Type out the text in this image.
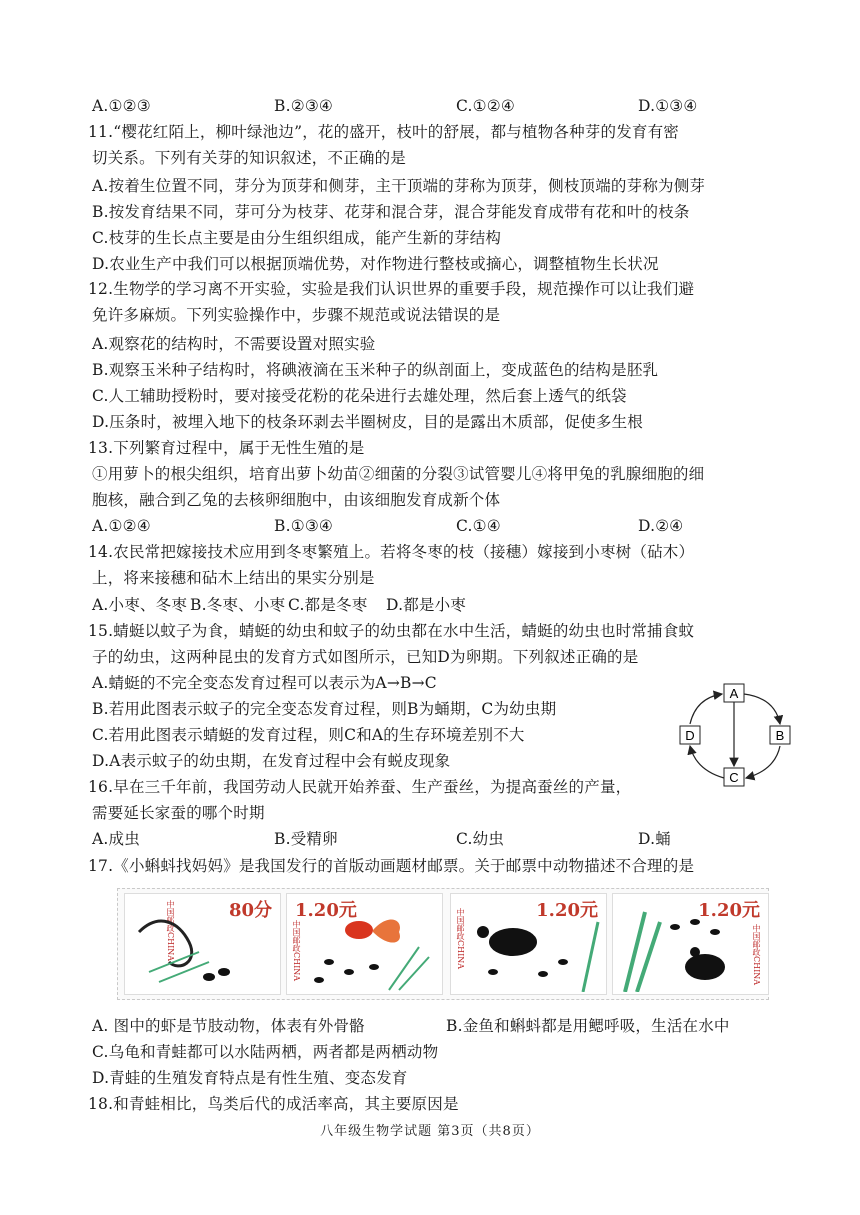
A.①②③	B.②③④	C.①②④	D.①③④
11.“樱花红陌上，柳叶绿池边”，花的盛开，枝叶的舒展，都与植物各种芽的发育有密
切关系。下列有关芽的知识叙述，不正确的是
A.按着生位置不同，芽分为顶芽和侧芽，主干顶端的芽称为顶芽，侧枝顶端的芽称为侧芽
B.按发育结果不同，芽可分为枝芽、花芽和混合芽，混合芽能发育成带有花和叶的枝条
C.枝芽的生长点主要是由分生组织组成，能产生新的芽结构
D.农业生产中我们可以根据顶端优势，对作物进行整枝或摘心，调整植物生长状况
12.生物学的学习离不开实验，实验是我们认识世界的重要手段，规范操作可以让我们避
免许多麻烦。下列实验操作中，步骤不规范或说法错误的是
A.观察花的结构时，不需要设置对照实验
B.观察玉米种子结构时，将碘液滴在玉米种子的纵剖面上，变成蓝色的结构是胚乳
C.人工辅助授粉时，要对接受花粉的花朵进行去雄处理，然后套上透气的纸袋
D.压条时，被埋入地下的枝条环剥去半圈树皮，目的是露出木质部，促使多生根
13.下列繁育过程中，属于无性生殖的是
①用萝卜的根尖组织，培育出萝卜幼苗②细菌的分裂③试管婴儿④将甲兔的乳腺细胞的细
胞核，融合到乙兔的去核卵细胞中，由该细胞发育成新个体
A.①②④	B.①③④	C.①④	D.②④
14.农民常把嫁接技术应用到冬枣繁殖上。若将冬枣的枝（接穗）嫁接到小枣树（砧木）
上，将来接穗和砧木上结出的果实分别是
A.小枣、冬枣 B.冬枣、小枣 C.都是冬枣 D.都是小枣
15.蜻蜓以蚊子为食，蜻蜓的幼虫和蚊子的幼虫都在水中生活，蜻蜓的幼虫也时常捕食蚊
子的幼虫，这两种昆虫的发育方式如图所示，已知D为卵期。下列叙述正确的是
A.蜻蜓的不完全变态发育过程可以表示为A→B→C
B.若用此图表示蚊子的完全变态发育过程，则B为蛹期，C为幼虫期
C.若用此图表示蜻蜓的发育过程，则C和A的生存环境差别不大
D.A表示蚊子的幼虫期，在发育过程中会有蜕皮现象
16.早在三千年前，我国劳动人民就开始养蚕、生产蚕丝，为提高蚕丝的产量，
需要延长家蚕的哪个时期
A.成虫	B.受精卵	C.幼虫	D.蛹
17.《小蝌蚪找妈妈》是我国发行的首版动画题材邮票。关于邮票中动物描述不合理的是
A
B
C
D
80分
中国邮政CHINA	1.20元
中国邮政CHINA
1.20元
中国邮政CHINA	1.20元
中国邮政CHINA
A. 图中的虾是节肢动物，体表有外骨骼	B.金鱼和蝌蚪都是用鳃呼吸，生活在水中
C.乌龟和青蛙都可以水陆两栖，两者都是两栖动物
D.青蛙的生殖发育特点是有性生殖、变态发育
18.和青蛙相比，鸟类后代的成活率高，其主要原因是
八年级生物学试题 第3页（共8页）
